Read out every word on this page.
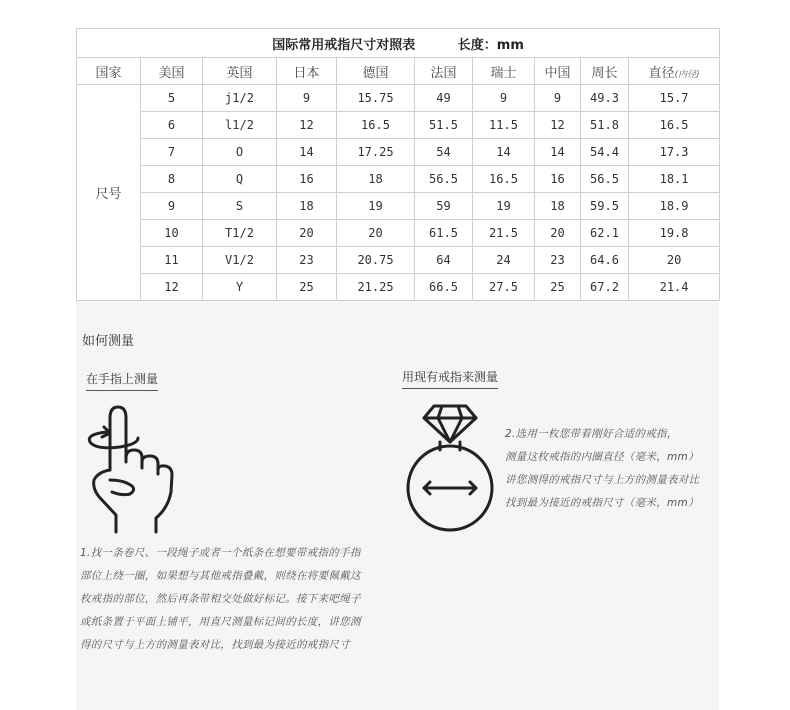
国际常用戒指尺寸对照表 长度：mm									
国家	美国	英国	日本	德国	法国	瑞士	中国	周长	直径(内径)
尺号	5	j1/2	9	15.75	49	9	9	49.3	15.7
	6	l1/2	12	16.5	51.5	11.5	12	51.8	16.5
	7	O	14	17.25	54	14	14	54.4	17.3
	8	Q	16	18	56.5	16.5	16	56.5	18.1
	9	S	18	19	59	19	18	59.5	18.9
	10	T1/2	20	20	61.5	21.5	20	62.1	19.8
	11	V1/2	23	20.75	64	24	23	64.6	20
	12	Y	25	21.25	66.5	27.5	25	67.2	21.4
如何测量
在手指上测量	用现有戒指来测量
1.找一条卷尺、一段绳子或者一个纸条在想要带戒指的手指
部位上绕一圈，如果想与其他戒指叠戴，则绕在将要佩戴这
枚戒指的部位，然后再条带相交处做好标记。接下来吧绳子
或纸条置于平面上铺平，用直尺测量标记间的长度，讲您测
得的尺寸与上方的测量表对比，找到最为接近的戒指尺寸
2.选用一枚您带着刚好合适的戒指，
测量这枚戒指的内圈直径（毫米，mm）
讲您测得的戒指尺寸与上方的测量表对比
找到最为接近的戒指尺寸（毫米，mm）
